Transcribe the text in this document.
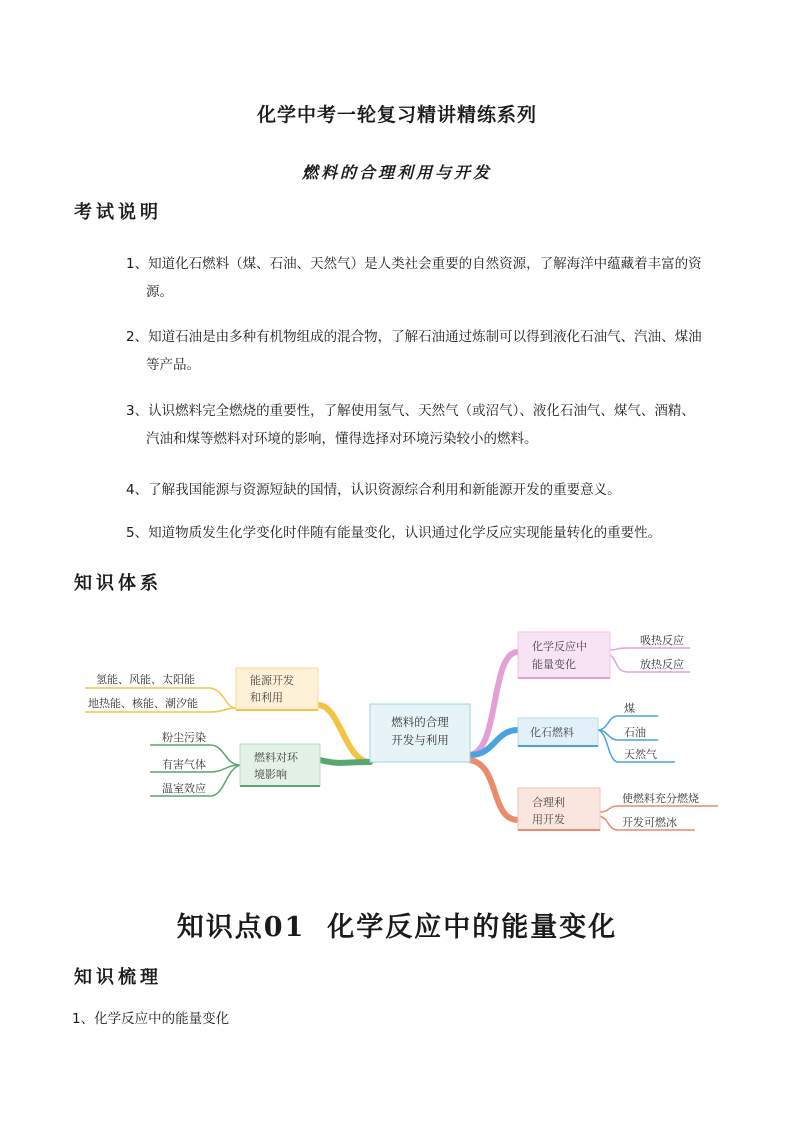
化学中考一轮复习精讲精练系列
燃料的合理利用与开发
考试说明
1、知道化石燃料（煤、石油、天然气）是人类社会重要的自然资源，了解海洋中蕴藏着丰富的资
源。
2、知道石油是由多种有机物组成的混合物，了解石油通过炼制可以得到液化石油气、汽油、煤油
等产品。
3、认识燃料完全燃烧的重要性，了解使用氢气、天然气（或沼气）、液化石油气、煤气、酒精、
汽油和煤等燃料对环境的影响，懂得选择对环境污染较小的燃料。
4、了解我国能源与资源短缺的国情，认识资源综合利用和新能源开发的重要意义。
5、知道物质发生化学变化时伴随有能量变化，认识通过化学反应实现能量转化的重要性。
知识体系
燃料的合理
开发与利用
能源开发
和利用
氢能、风能、太阳能
地热能、核能、潮汐能
燃料对环
境影响
粉尘污染
有害气体
温室效应
化学反应中
能量变化
吸热反应
放热反应
化石燃料
煤
石油
天然气
合理利
用开发
使燃料充分燃烧
开发可燃冰
知识点01 化学反应中的能量变化
知识梳理
1、化学反应中的能量变化
